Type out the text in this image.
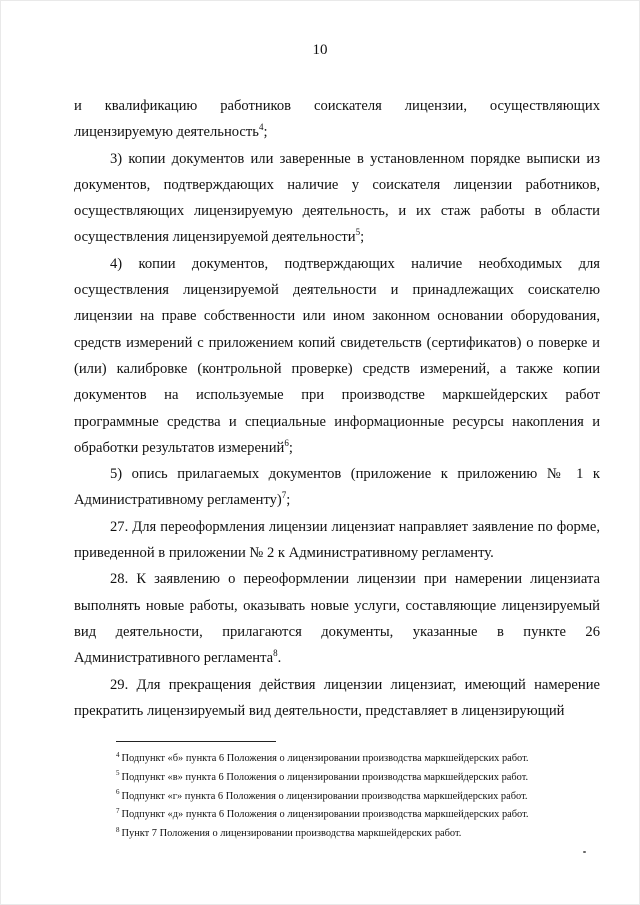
10

и квалификацию работников соискателя лицензии, осуществляющих лицензируемую деятельность$^4$;

3) копии документов или заверенные в установленном порядке выписки из документов, подтверждающих наличие у соискателя лицензии работников, осуществляющих лицензируемую деятельность, и их стаж работы в области осуществления лицензируемой деятельности$^5$;

4) копии документов, подтверждающих наличие необходимых для осуществления лицензируемой деятельности и принадлежащих соискателю лицензии на праве собственности или ином законном основании оборудования, средств измерений с приложением копий свидетельств (сертификатов) о поверке и (или) калибровке (контрольной проверке) средств измерений, а также копии документов на используемые при производстве маркшейдерских работ программные средства и специальные информационные ресурсы накопления и обработки результатов измерений$^6$;

5) опись прилагаемых документов (приложение к приложению № 1 к Административному регламенту)$^7$;

27. Для переоформления лицензии лицензиат направляет заявление по форме, приведенной в приложении № 2 к Административному регламенту.

28. К заявлению о переоформлении лицензии при намерении лицензиата выполнять новые работы, оказывать новые услуги, составляющие лицензируемый вид деятельности, прилагаются документы, указанные в пункте 26 Административного регламента$^8$.

29. Для прекращения действия лицензии лицензиат, имеющий намерение прекратить лицензируемый вид деятельности, представляет в лицензирующий

$^4$ Подпункт «б» пункта 6 Положения о лицензировании производства маркшейдерских работ.
$^5$ Подпункт «в» пункта 6 Положения о лицензировании производства маркшейдерских работ.
$^6$ Подпункт «г» пункта 6 Положения о лицензировании производства маркшейдерских работ.
$^7$ Подпункт «д» пункта 6 Положения о лицензировании производства маркшейдерских работ.
$^8$ Пункт 7 Положения о лицензировании производства маркшейдерских работ.
